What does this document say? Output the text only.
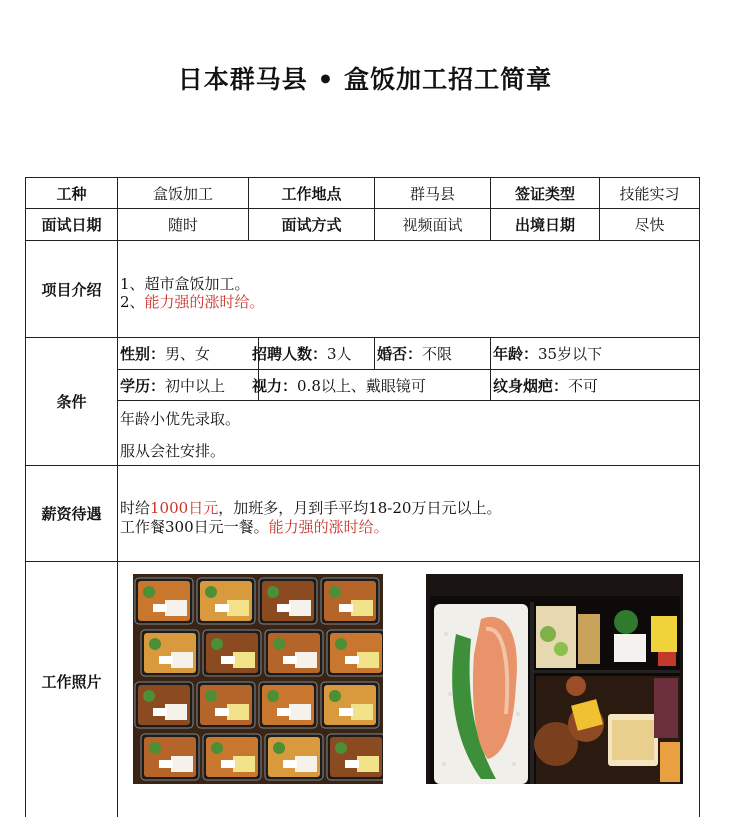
日本群马县 • 盒饭加工招工简章
工种	盒饭加工	工作地点	群马县	签证类型	技能实习
面试日期	随时	面试方式	视频面试	出境日期	尽快
项目介绍	1、超市盒饭加工。
2、能力强的涨时给。
条件
性别： 男、女	招聘人数： 3人 婚否： 不限	年龄： 35岁以下
学历： 初中以上 视力： 0.8以上、戴眼镜可	纹身烟疤： 不可
年龄小优先录取。
服从会社安排。
薪资待遇	时给1000日元，加班多，月到手平均18-20万日元以上。
工作餐300日元一餐。能力强的涨时给。
工作照片
